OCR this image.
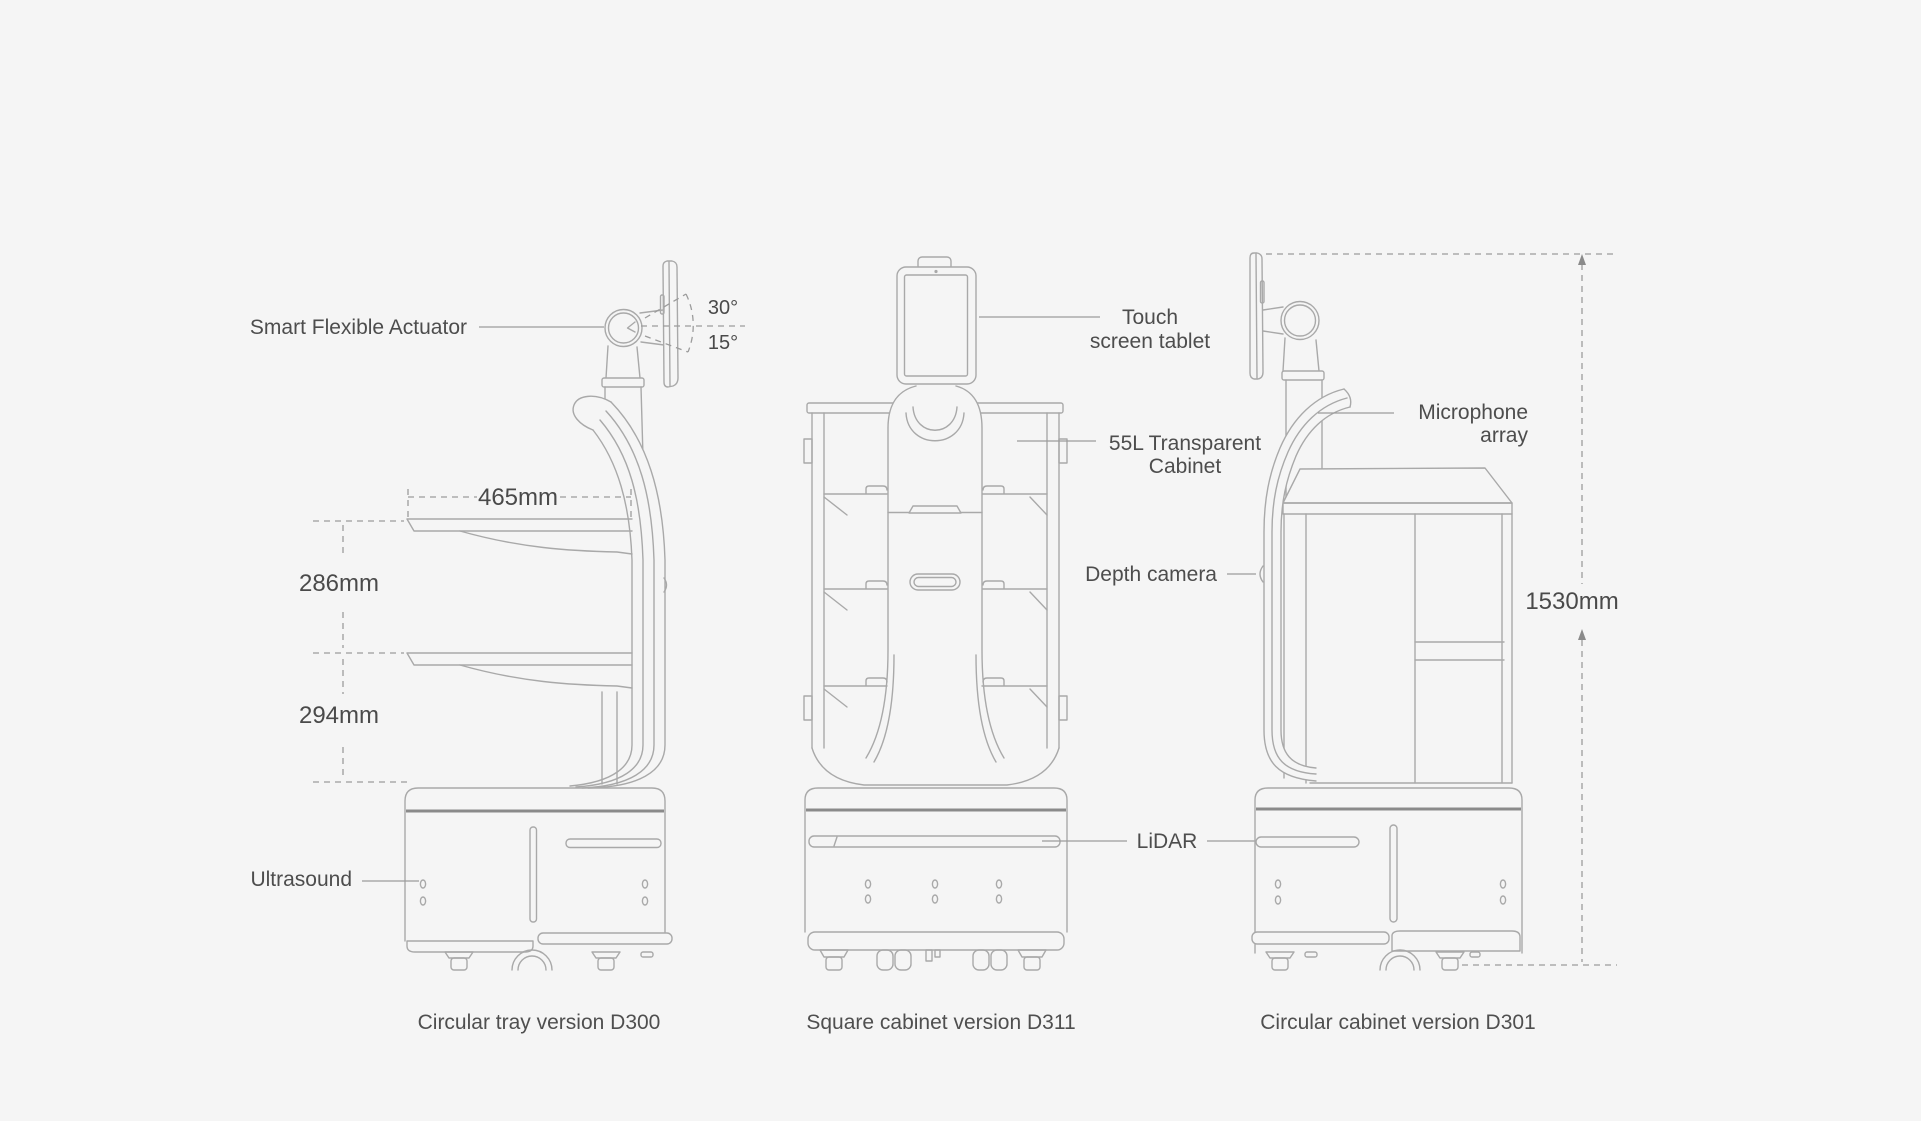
Smart Flexible Actuator
30°
15°
465mm
286mm
294mm
Ultrasound
Circular tray version D300
Touch
screen tablet
55L Transparent
Cabinet
Depth camera
LiDAR
Square cabinet version D311
Microphone
array
1530mm
Circular cabinet version D301
